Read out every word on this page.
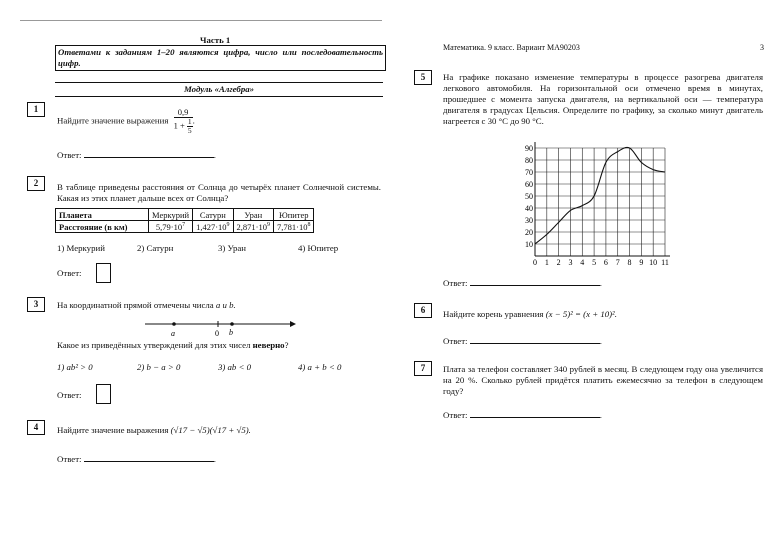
Часть 1
Ответами к заданиям 1–20 являются цифра, число или последовательность цифр.
Модуль «Алгебра»
1
Найдите значение выражения $\frac{0,9}{1 + \frac{1}{5}}$ .
Ответ:	.
2	В таблице приведены расстояния от Солнца до четырёх планет Солнечной системы. Какая из этих планет дальше всех от Солнца?
Планета	Меркурий	Сатурн	Уран	Юпитер
Расстояние (в км)	$5,79\cdot 10^7$	$1,427\cdot 10^9$	$2,871\cdot 10^9$	$7,781\cdot 10^8$
1) Меркурий	2) Сатурн	3) Уран	4) Юпитер
Ответ:
3	На координатной прямой отмечены числа a и b.
a	0 b
Какое из приведённых утверждений для этих чисел неверно?
1) ab² > 0	2) b − a > 0	3) ab < 0	4) a + b < 0
Ответ:
4	Найдите значение выражения (√17 − √5)(√17 + √5).
Ответ:	.
Математика. 9 класс. Вариант МА90203	3
5	На графике показано изменение температуры в процессе разогрева двигателя легкового автомобиля. На горизонтальной оси отмечено время в минутах, прошедшее с момента запуска двигателя, на вертикальной оси — температура двигателя в градусах Цельсия. Определите по графику, за сколько минут двигатель нагреется с 30 °C до 90 °C.
0 1 2 3 4 5 6 7 8 9 10 11
10
20
30
40
50
60
70
80
90
Ответ:	.
6	Найдите корень уравнения (x − 5)² = (x + 10)².
Ответ:	.
7	Плата за телефон составляет 340 рублей в месяц. В следующем году она увеличится на 20 %. Сколько рублей придётся платить ежемесячно за телефон в следующем году?
Ответ:	.
